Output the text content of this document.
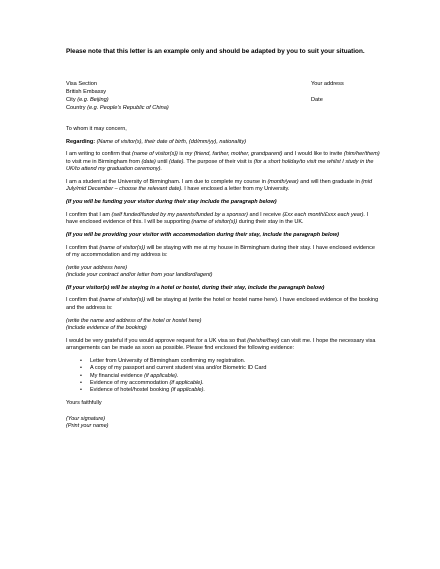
Please note that this letter is an example only and should be adapted by you to suit your situation.
Visa Section
British Embassy
City (e.g. Beijing)
Country (e.g. People's Republic of China)
Your address
Date

To whom it may concern,

Regarding: (Name of visitor(s), their date of birth, (dd/mm/yy), nationality)

I am writing to confirm that (name of visitor(s)) is my (friend, farther, mother, grandparent) and I would like to invite (him/her/them) to visit me in Birmingham from (date) until (date). The purpose of their visit is (for a short holiday/to visit me whilst I study in the UK/to attend my graduation ceremony).

I am a student at the University of Birmingham. I am due to complete my course in (month/year) and will then graduate in (mid July/mid December – choose the relevant date). I have enclosed a letter from my University.

(If you will be funding your visitor during their stay include the paragraph below)

I confirm that I am (self funded/funded by my parents/funded by a sponsor) and I receive (£xx each month/£xxx each year). I have enclosed evidence of this. I will be supporting (name of visitor(s)) during their stay in the UK.

(If you will be providing your visitor with accommodation during their stay, include the paragraph below)

I confirm that (name of visitor(s)) will be staying with me at my house in Birmingham during their stay. I have enclosed evidence of my accommodation and my address is:

(write your address here)
(include your contract and/or letter from your landlord/agent)

(If your visitor(s) will be staying in a hotel or hostel, during their stay, include the paragraph below)

I confirm that (name of visitor(s)) will be staying at (write the hotel or hostel name here). I have enclosed evidence of the booking and the address is:

(write the name and address of the hotel or hostel here)
(include evidence of the booking)

I would be very grateful if you would approve request for a UK visa so that (he/she/they) can visit me. I hope the necessary visa arrangements can be made as soon as possible. Please find enclosed the following evidence:

• Letter from University of Birmingham confirming my registration.
• A copy of my passport and current student visa and/or Biometric ID Card
• My financial evidence (if applicable).
• Evidence of my accommodation (if applicable).
• Evidence of hotel/hostel booking (if applicable).

Yours faithfully

(Your signature)
(Print your name)
